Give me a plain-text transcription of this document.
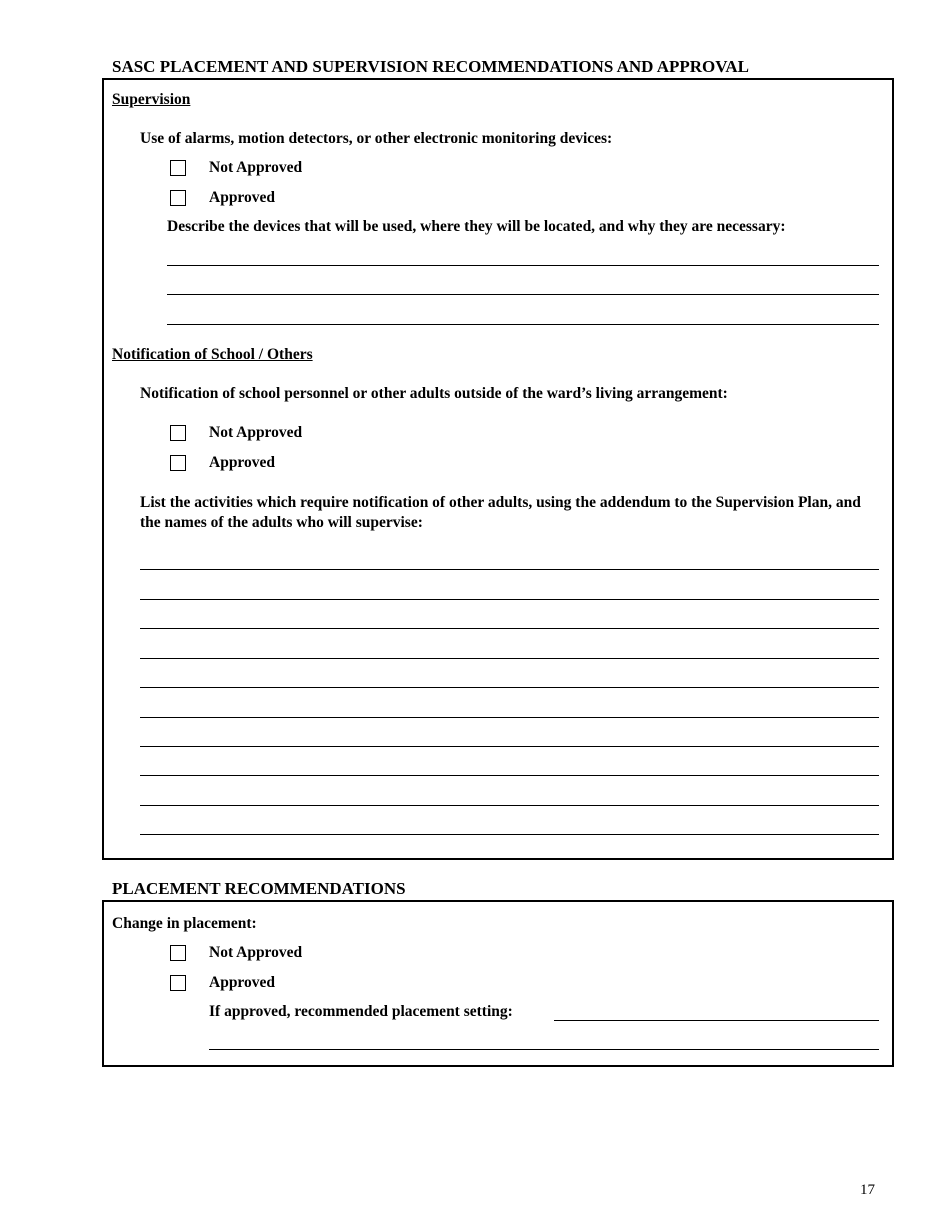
SASC PLACEMENT AND SUPERVISION RECOMMENDATIONS AND APPROVAL
Supervision
Use of alarms, motion detectors, or other electronic monitoring devices:
Not Approved
Approved
Describe the devices that will be used, where they will be located, and why they are necessary:
Notification of School / Others
Notification of school personnel or other adults outside of the ward’s living arrangement:
Not Approved
Approved
List the activities which require notification of other adults, using the addendum to the Supervision Plan, and the names of the adults who will supervise:
PLACEMENT RECOMMENDATIONS
Change in placement:
Not Approved
Approved
If approved, recommended placement setting:
17
